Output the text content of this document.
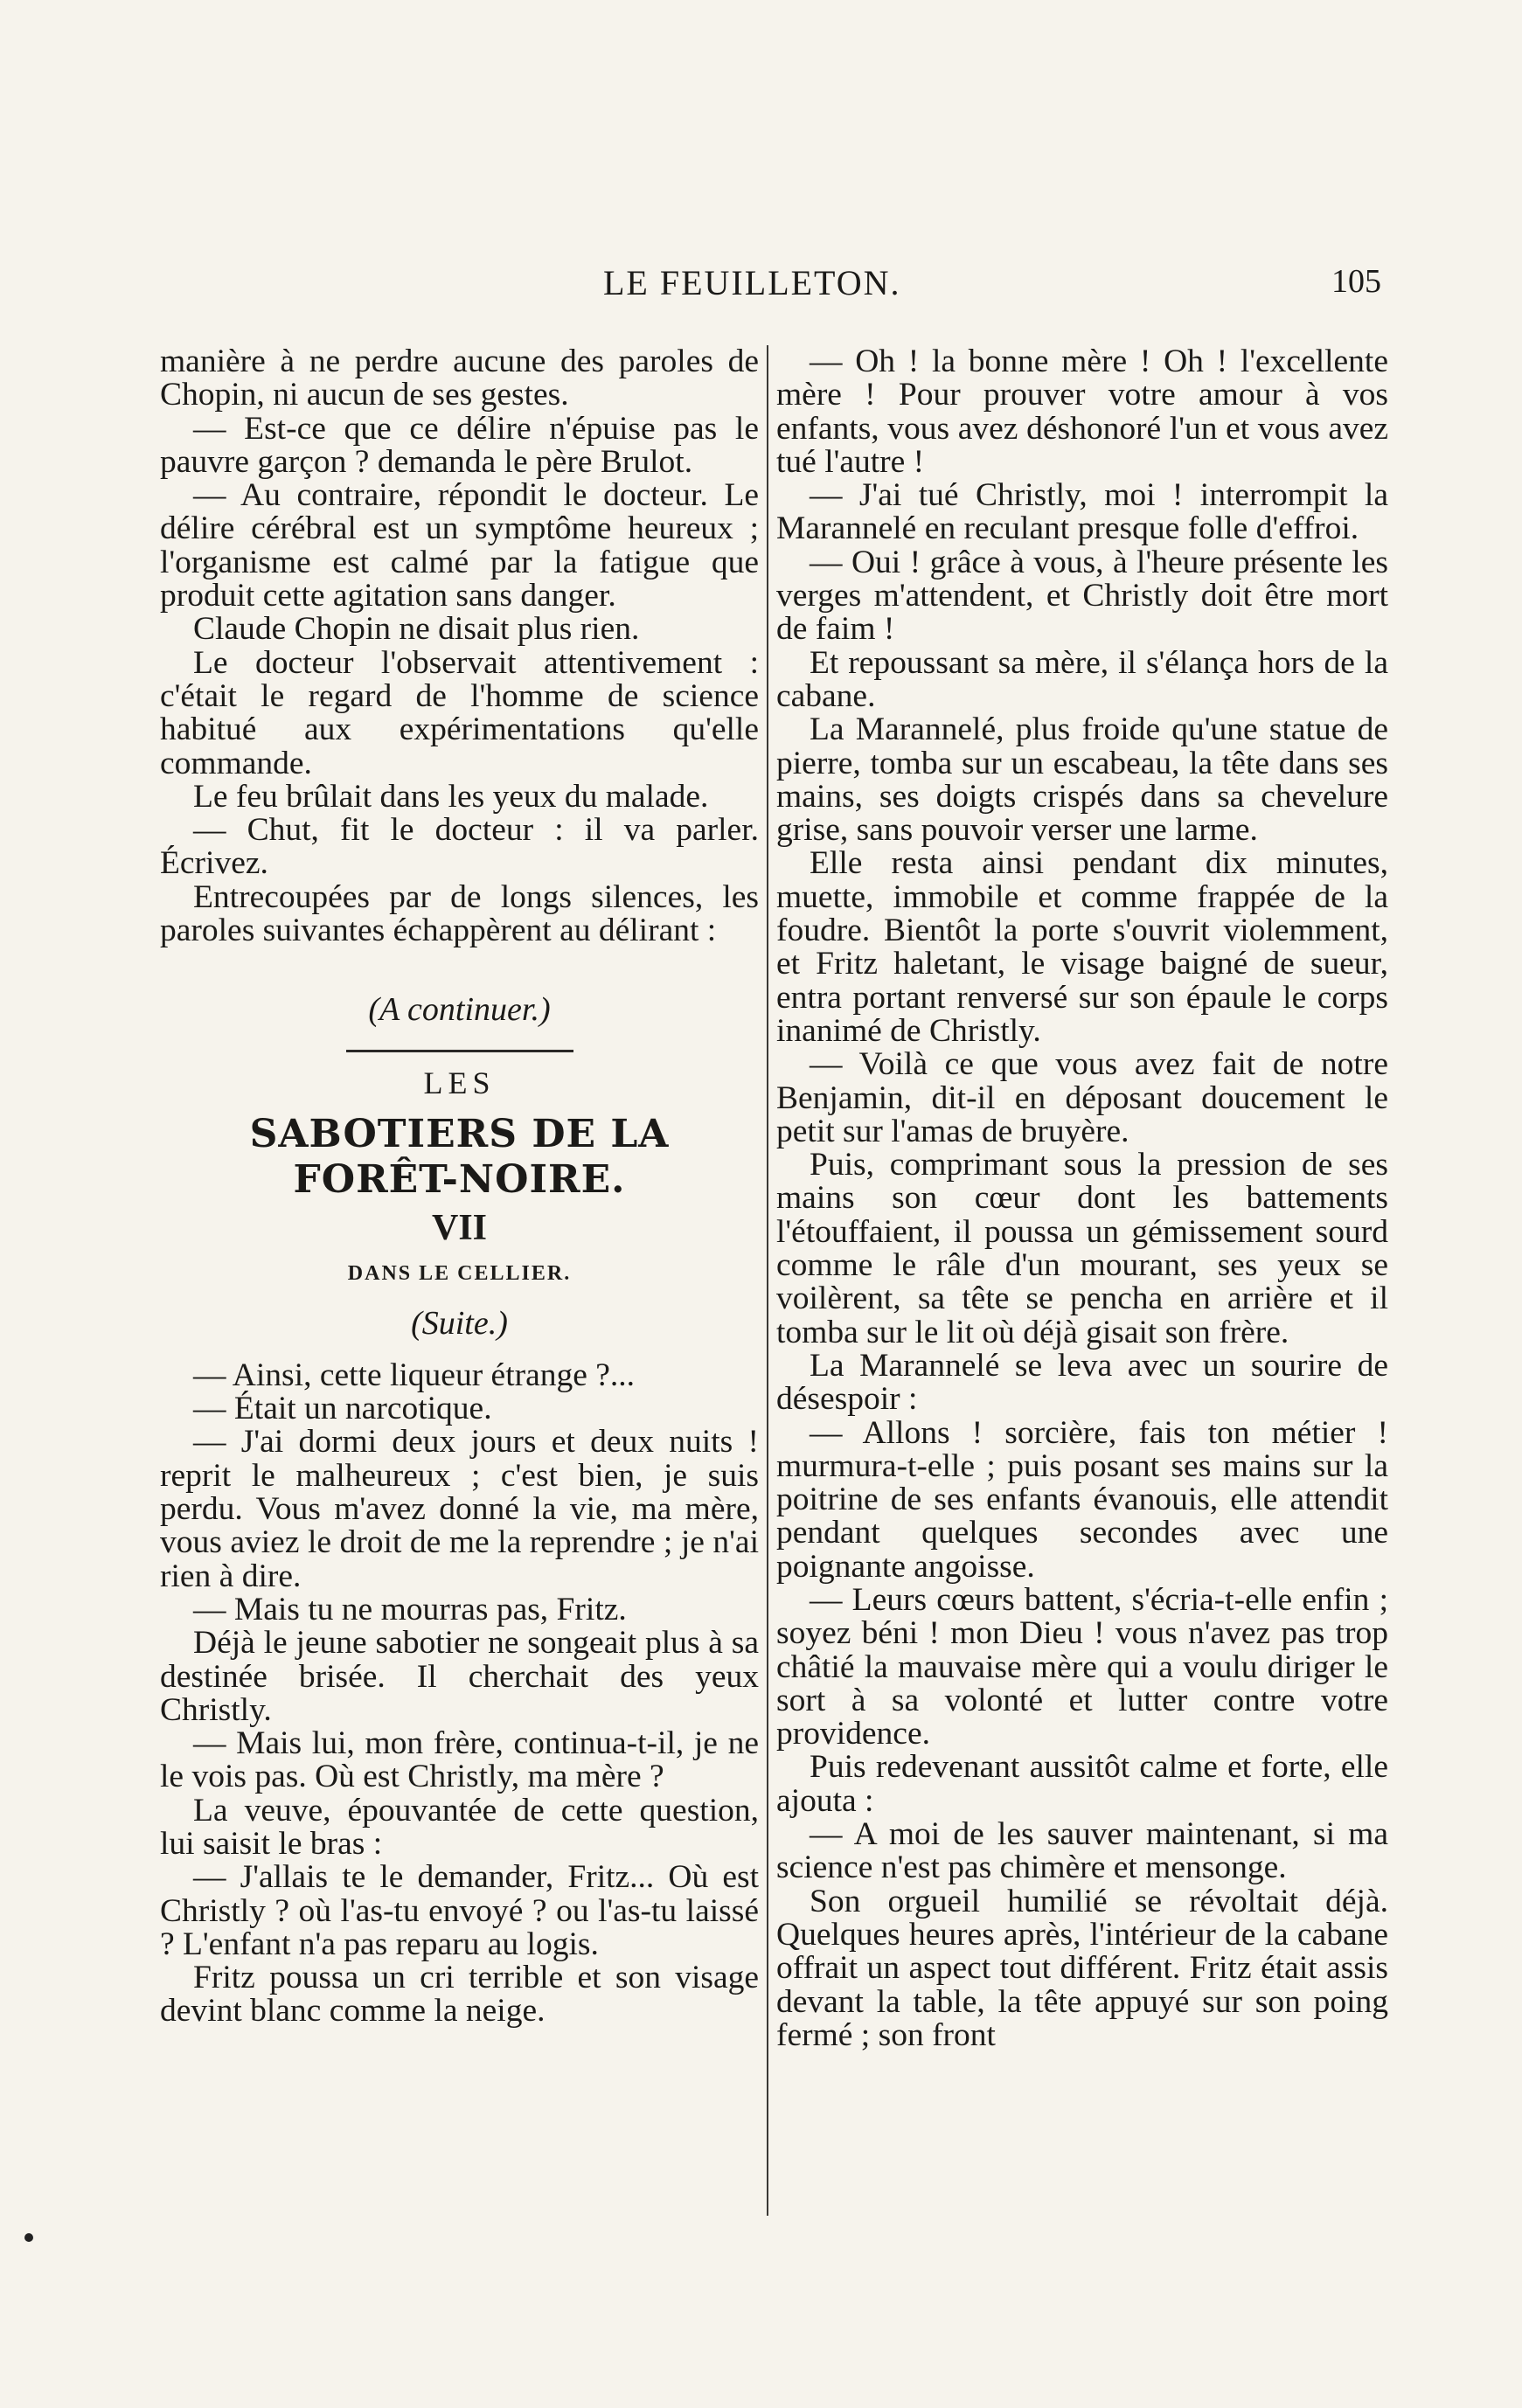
LE FEUILLETON.	105

manière à ne perdre aucune des paroles de Chopin, ni aucun de ses gestes.

— Est-ce que ce délire n'épuise pas le pauvre garçon ? demanda le père Brulot.

— Au contraire, répondit le docteur. Le délire cérébral est un symptôme heureux ; l'organisme est calmé par la fatigue que produit cette agitation sans danger.

Claude Chopin ne disait plus rien.

Le docteur l'observait attentivement : c'était le regard de l'homme de science habitué aux expérimentations qu'elle commande.

Le feu brûlait dans les yeux du malade.

— Chut, fit le docteur : il va parler. Écrivez.

Entrecoupées par de longs silences, les paroles suivantes échappèrent au délirant :

(A continuer.)

LES
SABOTIERS DE LA FORÊT-NOIRE.
VII
DANS LE CELLIER.
(Suite.)

— Ainsi, cette liqueur étrange ?...

— Était un narcotique.

— J'ai dormi deux jours et deux nuits ! reprit le malheureux ; c'est bien, je suis perdu. Vous m'avez donné la vie, ma mère, vous aviez le droit de me la reprendre ; je n'ai rien à dire.

— Mais tu ne mourras pas, Fritz.

Déjà le jeune sabotier ne songeait plus à sa destinée brisée. Il cherchait des yeux Christly.

— Mais lui, mon frère, continua-t-il, je ne le vois pas. Où est Christly, ma mère ?

La veuve, épouvantée de cette question, lui saisit le bras :

— J'allais te le demander, Fritz... Où est Christly ? où l'as-tu envoyé ? ou l'as-tu laissé ? L'enfant n'a pas reparu au logis.

Fritz poussa un cri terrible et son visage devint blanc comme la neige.

— Oh ! la bonne mère ! Oh ! l'excellente mère ! Pour prouver votre amour à vos enfants, vous avez déshonoré l'un et vous avez tué l'autre !

— J'ai tué Christly, moi ! interrompit la Marannelé en reculant presque folle d'effroi.

— Oui ! grâce à vous, à l'heure présente les verges m'attendent, et Christly doit être mort de faim !

Et repoussant sa mère, il s'élança hors de la cabane.

La Marannelé, plus froide qu'une statue de pierre, tomba sur un escabeau, la tête dans ses mains, ses doigts crispés dans sa chevelure grise, sans pouvoir verser une larme.

Elle resta ainsi pendant dix minutes, muette, immobile et comme frappée de la foudre. Bientôt la porte s'ouvrit violemment, et Fritz haletant, le visage baigné de sueur, entra portant renversé sur son épaule le corps inanimé de Christly.

— Voilà ce que vous avez fait de notre Benjamin, dit-il en déposant doucement le petit sur l'amas de bruyère.

Puis, comprimant sous la pression de ses mains son cœur dont les battements l'étouffaient, il poussa un gémissement sourd comme le râle d'un mourant, ses yeux se voilèrent, sa tête se pencha en arrière et il tomba sur le lit où déjà gisait son frère.

La Marannelé se leva avec un sourire de désespoir :

— Allons ! sorcière, fais ton métier ! murmura-t-elle ; puis posant ses mains sur la poitrine de ses enfants évanouis, elle attendit pendant quelques secondes avec une poignante angoisse.

— Leurs cœurs battent, s'écria-t-elle enfin ; soyez béni ! mon Dieu ! vous n'avez pas trop châtié la mauvaise mère qui a voulu diriger le sort à sa volonté et lutter contre votre providence.

Puis redevenant aussitôt calme et forte, elle ajouta :

— A moi de les sauver maintenant, si ma science n'est pas chimère et mensonge.

Son orgueil humilié se révoltait déjà. Quelques heures après, l'intérieur de la cabane offrait un aspect tout différent. Fritz était assis devant la table, la tête appuyé sur son poing fermé ; son front
